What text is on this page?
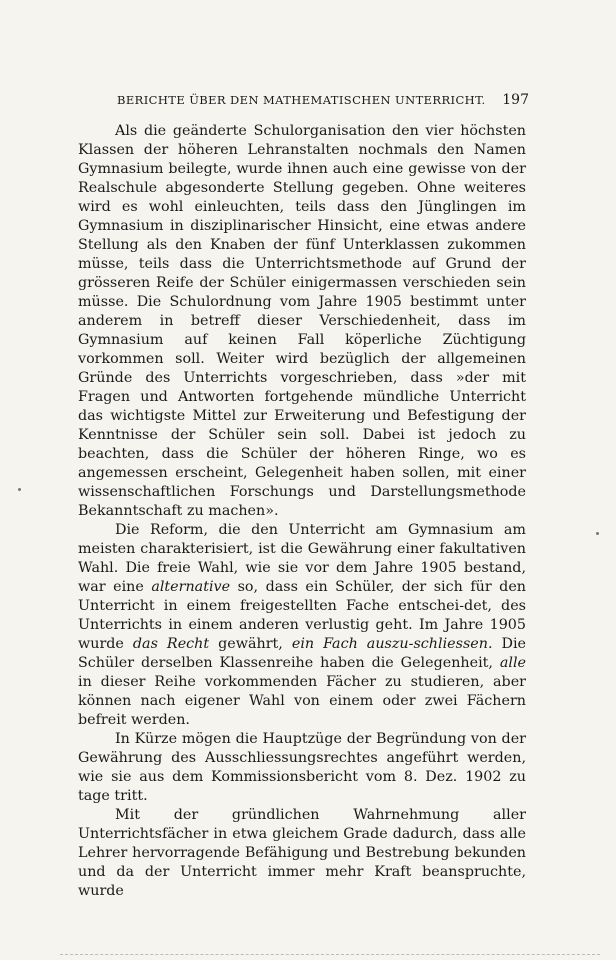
BERICHTE ÜBER DEN MATHEMATISCHEN UNTERRICHT. 197

Als die geänderte Schulorganisation den vier höchsten Klassen der höheren Lehranstalten nochmals den Namen Gymnasium beilegte, wurde ihnen auch eine gewisse von der Realschule abgesonderte Stellung gegeben. Ohne weiteres wird es wohl einleuchten, teils dass den Jünglingen im Gymnasium in disziplinarischer Hinsicht, eine etwas andere Stellung als den Knaben der fünf Unterklassen zukommen müsse, teils dass die Unterrichtsmethode auf Grund der grösseren Reife der Schüler einigermassen verschieden sein müsse. Die Schulordnung vom Jahre 1905 bestimmt unter anderem in betreff dieser Verschiedenheit, dass im Gymnasium auf keinen Fall köperliche Züchtigung vorkommen soll. Weiter wird bezüglich der allgemeinen Gründe des Unterrichts vorgeschrieben, dass »der mit Fragen und Antworten fortgehende mündliche Unterricht das wichtigste Mittel zur Erweiterung und Befestigung der Kenntnisse der Schüler sein soll. Dabei ist jedoch zu beachten, dass die Schüler der höheren Ringe, wo es angemessen erscheint, Gelegenheit haben sollen, mit einer wissenschaftlichen Forschungs und Darstellungsmethode Bekanntschaft zu machen».

Die Reform, die den Unterricht am Gymnasium am meisten charakterisiert, ist die Gewährung einer fakultativen Wahl. Die freie Wahl, wie sie vor dem Jahre 1905 bestand, war eine alternative so, dass ein Schüler, der sich für den Unterricht in einem freigestellten Fache entschei-det, des Unterrichts in einem anderen verlustig geht. Im Jahre 1905 wurde das Recht gewährt, ein Fach auszu-schliessen. Die Schüler derselben Klassenreihe haben die Gelegenheit, alle in dieser Reihe vorkommenden Fächer zu studieren, aber können nach eigener Wahl von einem oder zwei Fächern befreit werden.

In Kürze mögen die Hauptzüge der Begründung von der Gewährung des Ausschliessungsrechtes angeführt werden, wie sie aus dem Kommissionsbericht vom 8. Dez. 1902 zu tage tritt.

Mit der gründlichen Wahrnehmung aller Unterrichtsfächer in etwa gleichem Grade dadurch, dass alle Lehrer hervorragende Befähigung und Bestrebung bekunden und da der Unterricht immer mehr Kraft beanspruchte, wurde
